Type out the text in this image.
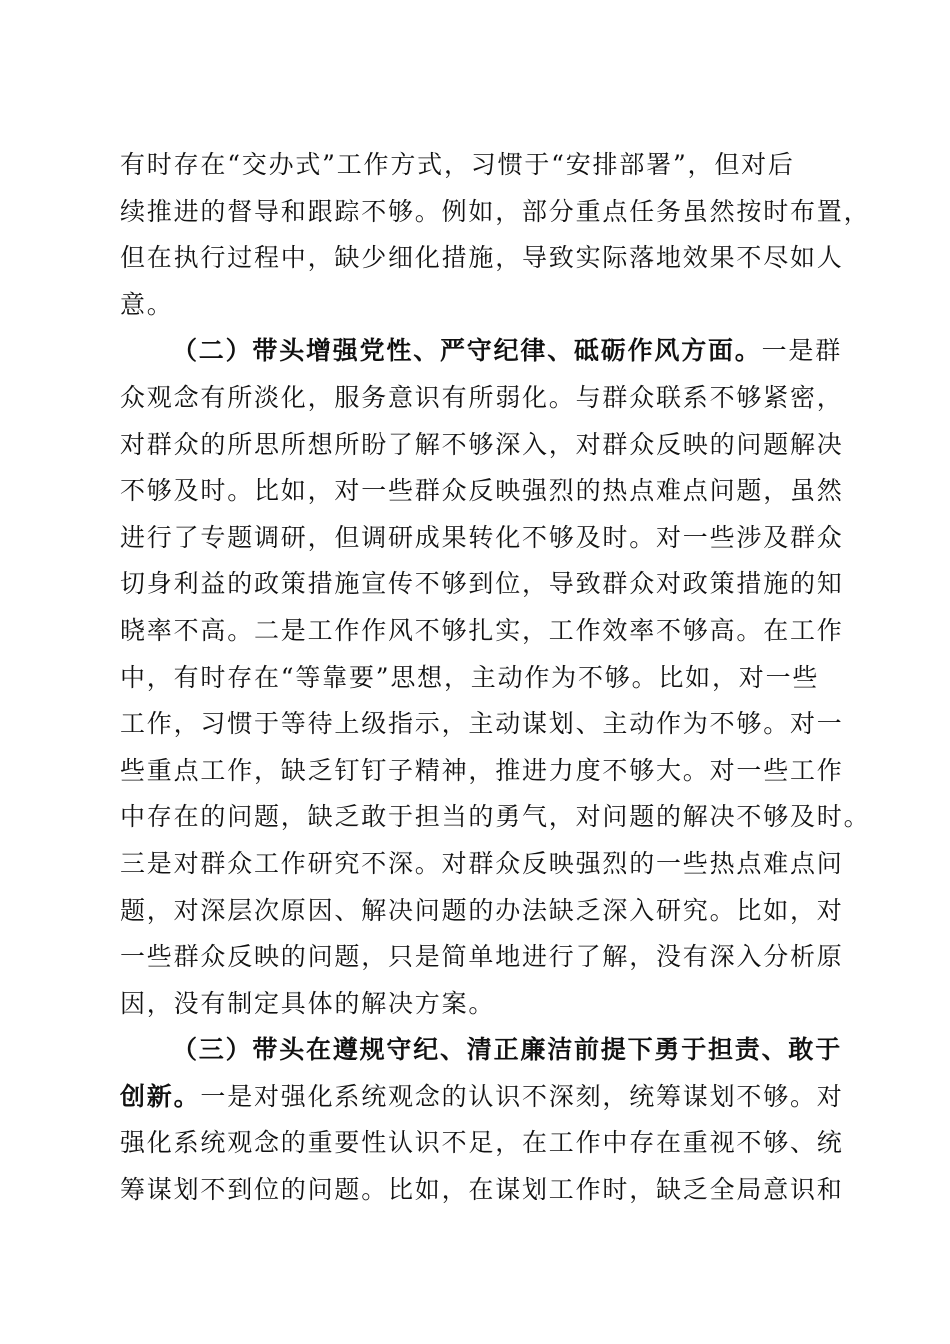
有时存在“交办式”工作方式，习惯于“安排部署”，但对后
续推进的督导和跟踪不够。例如，部分重点任务虽然按时布置，
但在执行过程中，缺少细化措施，导致实际落地效果不尽如人
意。
（二）带头增强党性、严守纪律、砥砺作风方面。一是群
众观念有所淡化，服务意识有所弱化。与群众联系不够紧密，
对群众的所思所想所盼了解不够深入，对群众反映的问题解决
不够及时。比如，对一些群众反映强烈的热点难点问题，虽然
进行了专题调研，但调研成果转化不够及时。对一些涉及群众
切身利益的政策措施宣传不够到位，导致群众对政策措施的知
晓率不高。二是工作作风不够扎实，工作效率不够高。在工作
中，有时存在“等靠要”思想，主动作为不够。比如，对一些
工作，习惯于等待上级指示，主动谋划、主动作为不够。对一
些重点工作，缺乏钉钉子精神，推进力度不够大。对一些工作
中存在的问题，缺乏敢于担当的勇气，对问题的解决不够及时。
三是对群众工作研究不深。对群众反映强烈的一些热点难点问
题，对深层次原因、解决问题的办法缺乏深入研究。比如，对
一些群众反映的问题，只是简单地进行了解，没有深入分析原
因，没有制定具体的解决方案。
（三）带头在遵规守纪、清正廉洁前提下勇于担责、敢于
创新。一是对强化系统观念的认识不深刻，统筹谋划不够。对
强化系统观念的重要性认识不足，在工作中存在重视不够、统
筹谋划不到位的问题。比如，在谋划工作时，缺乏全局意识和
